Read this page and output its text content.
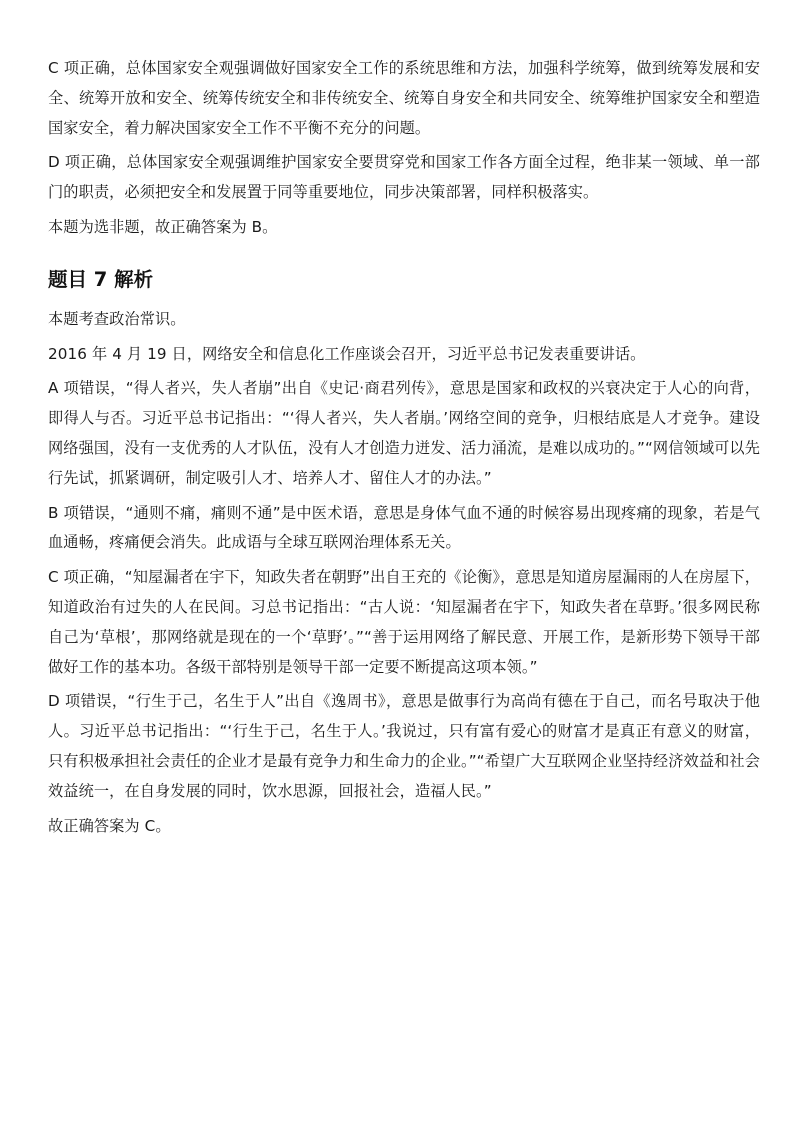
C 项正确，总体国家安全观强调做好国家安全工作的系统思维和方法，加强科学统筹，做到统筹发展和安全、统筹开放和安全、统筹传统安全和非传统安全、统筹自身安全和共同安全、统筹维护国家安全和塑造国家安全，着力解决国家安全工作不平衡不充分的问题。

D 项正确，总体国家安全观强调维护国家安全要贯穿党和国家工作各方面全过程，绝非某一领域、单一部门的职责，必须把安全和发展置于同等重要地位，同步决策部署，同样积极落实。

本题为选非题，故正确答案为 B。

题目 7 解析

本题考查政治常识。

2016 年 4 月 19 日，网络安全和信息化工作座谈会召开，习近平总书记发表重要讲话。

A 项错误，“得人者兴，失人者崩”出自《史记·商君列传》，意思是国家和政权的兴衰决定于人心的向背，即得人与否。习近平总书记指出：“‘得人者兴，失人者崩。’网络空间的竞争，归根结底是人才竞争。建设网络强国，没有一支优秀的人才队伍，没有人才创造力迸发、活力涌流，是难以成功的。”“网信领域可以先行先试，抓紧调研，制定吸引人才、培养人才、留住人才的办法。”

B 项错误，“通则不痛，痛则不通”是中医术语，意思是身体气血不通的时候容易出现疼痛的现象，若是气血通畅，疼痛便会消失。此成语与全球互联网治理体系无关。

C 项正确，“知屋漏者在宇下，知政失者在朝野”出自王充的《论衡》，意思是知道房屋漏雨的人在房屋下，知道政治有过失的人在民间。习总书记指出：“古人说：‘知屋漏者在宇下，知政失者在草野。’很多网民称自己为‘草根’，那网络就是现在的一个‘草野’。”“善于运用网络了解民意、开展工作，是新形势下领导干部做好工作的基本功。各级干部特别是领导干部一定要不断提高这项本领。”

D 项错误，“行生于己，名生于人”出自《逸周书》，意思是做事行为高尚有德在于自己，而名号取决于他人。习近平总书记指出：“‘行生于己，名生于人。’我说过，只有富有爱心的财富才是真正有意义的财富，只有积极承担社会责任的企业才是最有竞争力和生命力的企业。”“希望广大互联网企业坚持经济效益和社会效益统一，在自身发展的同时，饮水思源，回报社会，造福人民。”

故正确答案为 C。
